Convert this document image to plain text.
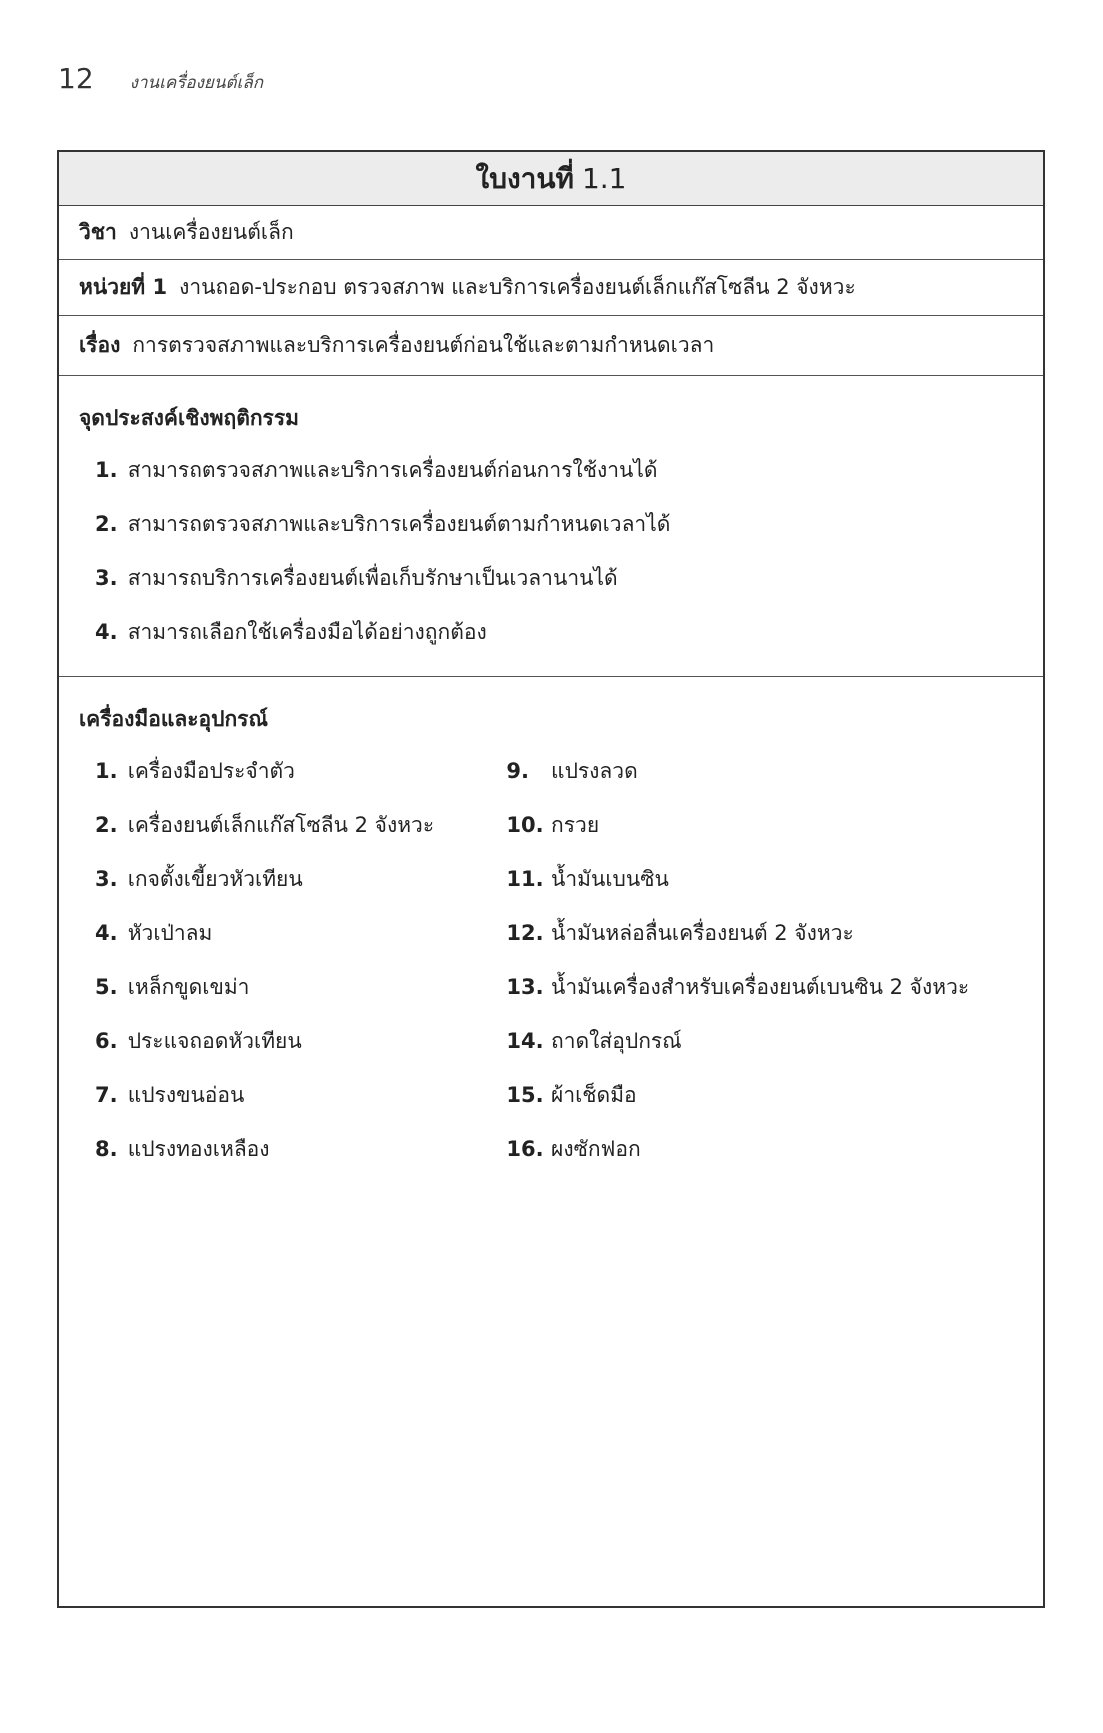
12 งานเครื่องยนต์เล็ก
ใบงานที่ 1.1
วิชา งานเครื่องยนต์เล็ก
หน่วยที่ 1 งานถอด-ประกอบ ตรวจสภาพ และบริการเครื่องยนต์เล็กแก๊สโซลีน 2 จังหวะ
เรื่อง การตรวจสภาพและบริการเครื่องยนต์ก่อนใช้และตามกำหนดเวลา
จุดประสงค์เชิงพฤติกรรม
1. สามารถตรวจสภาพและบริการเครื่องยนต์ก่อนการใช้งานได้
2. สามารถตรวจสภาพและบริการเครื่องยนต์ตามกำหนดเวลาได้
3. สามารถบริการเครื่องยนต์เพื่อเก็บรักษาเป็นเวลานานได้
4. สามารถเลือกใช้เครื่องมือได้อย่างถูกต้อง
เครื่องมือและอุปกรณ์
1. เครื่องมือประจำตัว
2. เครื่องยนต์เล็กแก๊สโซลีน 2 จังหวะ
3. เกจตั้งเขี้ยวหัวเทียน
4. หัวเป่าลม
5. เหล็กขูดเขม่า
6. ประแจถอดหัวเทียน
7. แปรงขนอ่อน
8. แปรงทองเหลือง
9. แปรงลวด
10. กรวย
11. น้ำมันเบนซิน
12. น้ำมันหล่อลื่นเครื่องยนต์ 2 จังหวะ
13. น้ำมันเครื่องสำหรับเครื่องยนต์เบนซิน 2 จังหวะ
14. ถาดใส่อุปกรณ์
15. ผ้าเช็ดมือ
16. ผงซักฟอก
